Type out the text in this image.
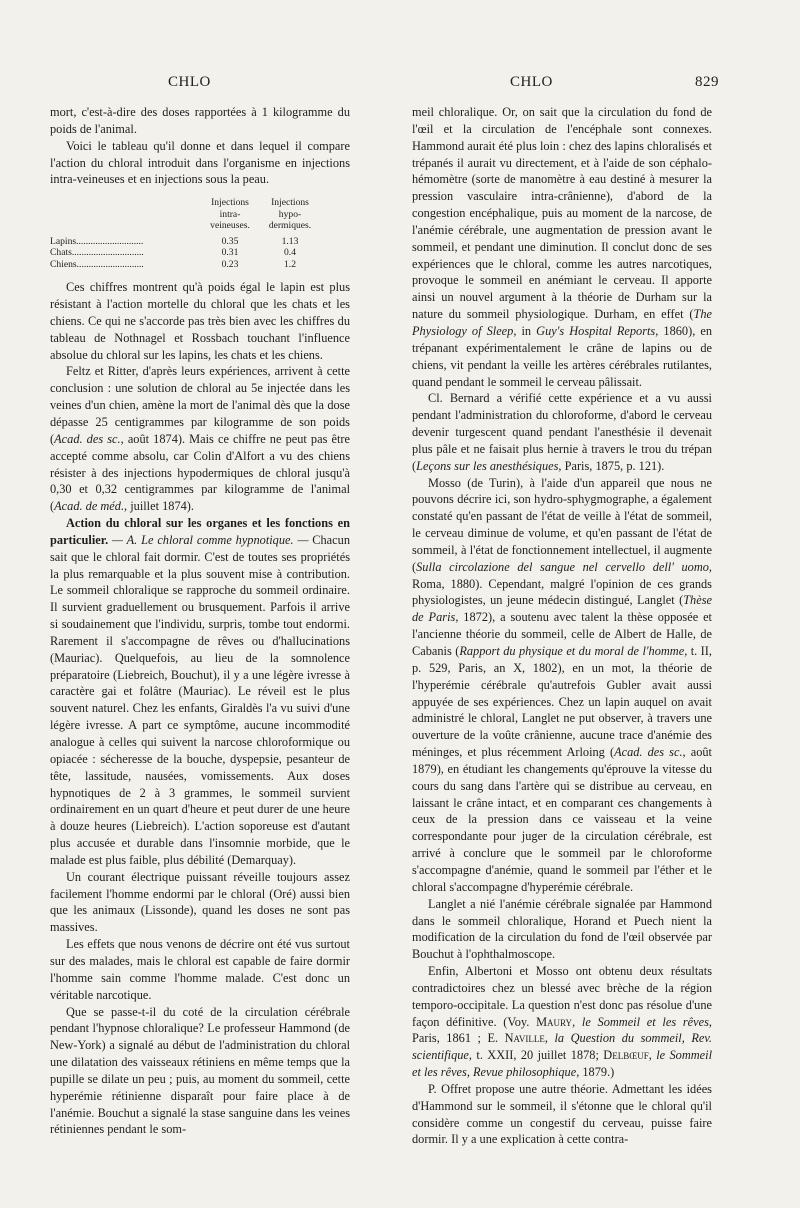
CHLO	CHLO	829

mort, c'est-à-dire des doses rapportées à 1 kilogramme du poids de l'animal.

Voici le tableau qu'il donne et dans lequel il compare l'action du chloral introduit dans l'organisme en injections intra-veineuses et en injections sous la peau.

	Injections intra-veineuses.	Injections hypo-dermiques.
Lapins............................	0.35	1.13
Chats..............................	0.31	0.4
Chiens............................	0.23	1.2

Ces chiffres montrent qu'à poids égal le lapin est plus résistant à l'action mortelle du chloral que les chats et les chiens. Ce qui ne s'accorde pas très bien avec les chiffres du tableau de Nothnagel et Rossbach touchant l'influence absolue du chloral sur les lapins, les chats et les chiens.

Feltz et Ritter, d'après leurs expériences, arrivent à cette conclusion : une solution de chloral au 5e injectée dans les veines d'un chien, amène la mort de l'animal dès que la dose dépasse 25 centigrammes par kilogramme de son poids (Acad. des sc., août 1874). Mais ce chiffre ne peut pas être accepté comme absolu, car Colin d'Alfort a vu des chiens résister à des injections hypodermiques de chloral jusqu'à 0,30 et 0,32 centigrammes par kilogramme de l'animal (Acad. de méd., juillet 1874).

Action du chloral sur les organes et les fonctions en particulier. — A. Le chloral comme hypnotique. — Chacun sait que le chloral fait dormir. C'est de toutes ses propriétés la plus remarquable et la plus souvent mise à contribution. Le sommeil chloralique se rapproche du sommeil ordinaire. Il survient graduellement ou brusquement. Parfois il arrive si soudainement que l'individu, surpris, tombe tout endormi. Rarement il s'accompagne de rêves ou d'hallucinations (Mauriac). Quelquefois, au lieu de la somnolence préparatoire (Liebreich, Bouchut), il y a une légère ivresse à caractère gai et folâtre (Mauriac). Le réveil est le plus souvent naturel. Chez les enfants, Giraldès l'a vu suivi d'une légère ivresse. A part ce symptôme, aucune incommodité analogue à celles qui suivent la narcose chloroformique ou opiacée : sécheresse de la bouche, dyspepsie, pesanteur de tête, lassitude, nausées, vomissements. Aux doses hypnotiques de 2 à 3 grammes, le sommeil survient ordinairement en un quart d'heure et peut durer de une heure à douze heures (Liebreich). L'action soporeuse est d'autant plus accusée et durable dans l'insomnie morbide, que le malade est plus faible, plus débilité (Demarquay).

Un courant électrique puissant réveille toujours assez facilement l'homme endormi par le chloral (Oré) aussi bien que les animaux (Lissonde), quand les doses ne sont pas massives.

Les effets que nous venons de décrire ont été vus surtout sur des malades, mais le chloral est capable de faire dormir l'homme sain comme l'homme malade. C'est donc un véritable narcotique.

Que se passe-t-il du coté de la circulation cérébrale pendant l'hypnose chloralique? Le professeur Hammond (de New-York) a signalé au début de l'administration du chloral une dilatation des vaisseaux rétiniens en même temps que la pupille se dilate un peu ; puis, au moment du sommeil, cette hyperémie rétinienne disparaît pour faire place à de l'anémie. Bouchut a signalé la stase sanguine dans les veines rétiniennes pendant le som-

meil chloralique. Or, on sait que la circulation du fond de l'œil et la circulation de l'encéphale sont connexes. Hammond aurait été plus loin : chez des lapins chloralisés et trépanés il aurait vu directement, et à l'aide de son céphalo-hémomètre (sorte de manomètre à eau destiné à mesurer la pression vasculaire intra-crânienne), d'abord de la congestion encéphalique, puis au moment de la narcose, de l'anémie cérébrale, une augmentation de pression avant le sommeil, et pendant une diminution. Il conclut donc de ses expériences que le chloral, comme les autres narcotiques, provoque le sommeil en anémiant le cerveau. Il apporte ainsi un nouvel argument à la théorie de Durham sur la nature du sommeil physiologique. Durham, en effet (The Physiology of Sleep, in Guy's Hospital Reports, 1860), en trépanant expérimentalement le crâne de lapins ou de chiens, vit pendant la veille les artères cérébrales rutilantes, quand pendant le sommeil le cerveau pâlissait.

Cl. Bernard a vérifié cette expérience et a vu aussi pendant l'administration du chloroforme, d'abord le cerveau devenir turgescent quand pendant l'anesthésie il devenait plus pâle et ne faisait plus hernie à travers le trou du trépan (Leçons sur les anesthésiques, Paris, 1875, p. 121).

Mosso (de Turin), à l'aide d'un appareil que nous ne pouvons décrire ici, son hydro-sphygmographe, a également constaté qu'en passant de l'état de veille à l'état de sommeil, le cerveau diminue de volume, et qu'en passant de l'état de sommeil, à l'état de fonctionnement intellectuel, il augmente (Sulla circolazione del sangue nel cervello dell' uomo, Roma, 1880). Cependant, malgré l'opinion de ces grands physiologistes, un jeune médecin distingué, Langlet (Thèse de Paris, 1872), a soutenu avec talent la thèse opposée et l'ancienne théorie du sommeil, celle de Albert de Halle, de Cabanis (Rapport du physique et du moral de l'homme, t. II, p. 529, Paris, an X, 1802), en un mot, la théorie de l'hyperémie cérébrale qu'autrefois Gubler avait aussi appuyée de ses expériences. Chez un lapin auquel on avait administré le chloral, Langlet ne put observer, à travers une ouverture de la voûte crânienne, aucune trace d'anémie des méninges, et plus récemment Arloing (Acad. des sc., août 1879), en étudiant les changements qu'éprouve la vitesse du cours du sang dans l'artère qui se distribue au cerveau, en laissant le crâne intact, et en comparant ces changements à ceux de la pression dans ce vaisseau et la veine correspondante pour juger de la circulation cérébrale, est arrivé à conclure que le sommeil par le chloroforme s'accompagne d'anémie, quand le sommeil par l'éther et le chloral s'accompagne d'hyperémie cérébrale.

Langlet a nié l'anémie cérébrale signalée par Hammond dans le sommeil chloralique, Horand et Puech nient la modification de la circulation du fond de l'œil observée par Bouchut à l'ophthalmoscope.

Enfin, Albertoni et Mosso ont obtenu deux résultats contradictoires chez un blessé avec brèche de la région temporo-occipitale. La question n'est donc pas résolue d'une façon définitive. (Voy. Maury, le Sommeil et les rêves, Paris, 1861 ; E. Naville, la Question du sommeil, Rev. scientifique, t. XXII, 20 juillet 1878; Delbœuf, le Sommeil et les rêves, Revue philosophique, 1879.)

P. Offret propose une autre théorie. Admettant les idées d'Hammond sur le sommeil, il s'étonne que le chloral qu'il considère comme un congestif du cerveau, puisse faire dormir. Il y a une explication à cette contra-
